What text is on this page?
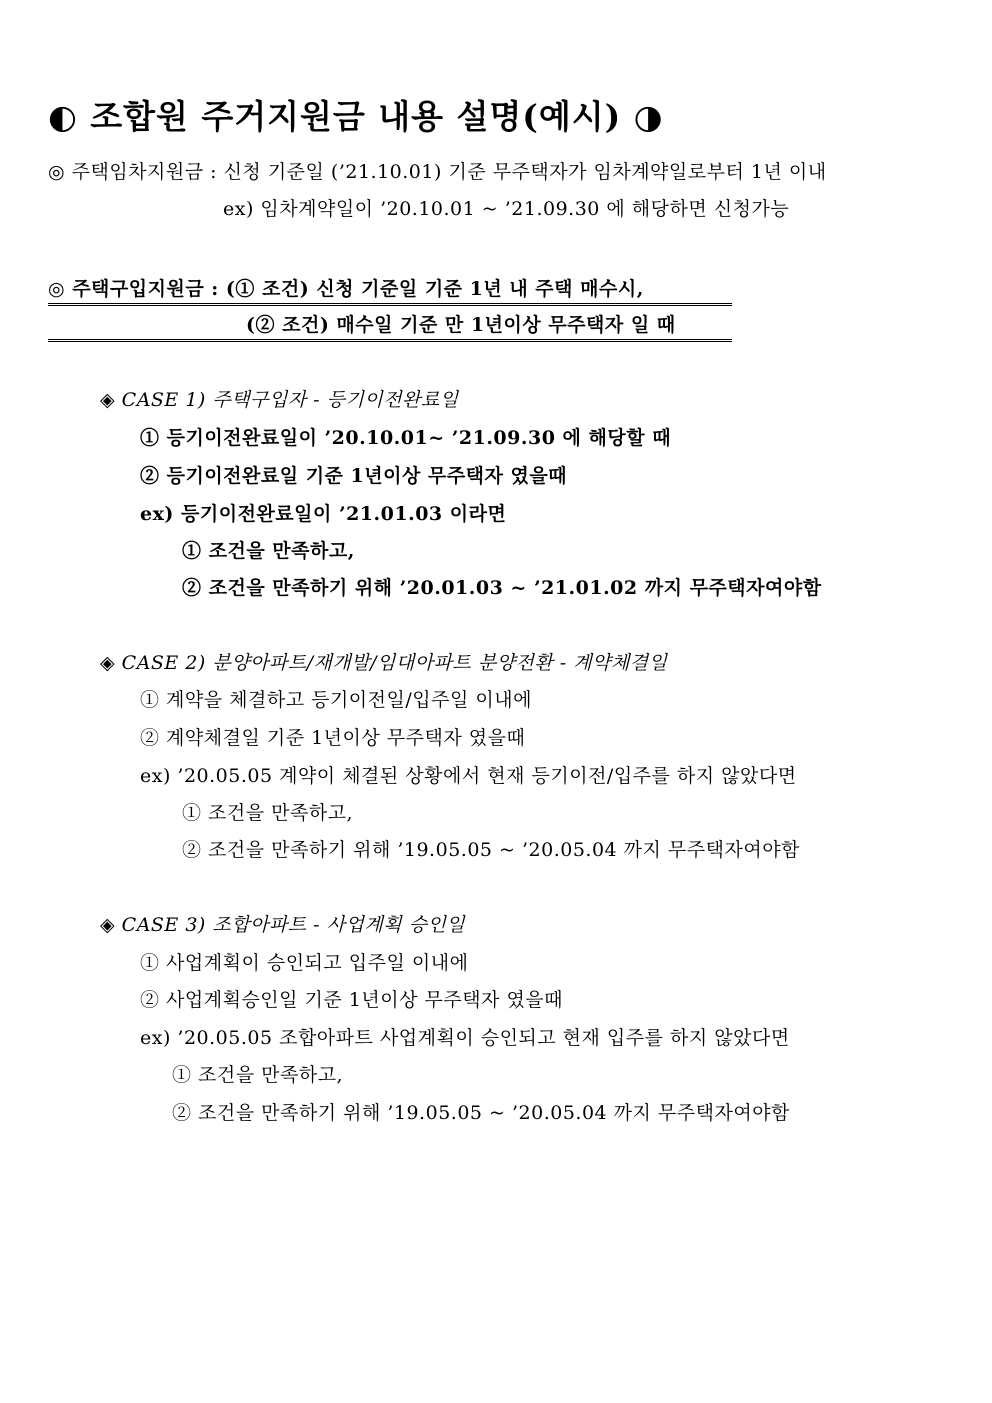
◐ 조합원 주거지원금 내용 설명(예시) ◑
◎ 주택임차지원금 : 신청 기준일 (’21.10.01) 기준 무주택자가 임차계약일로부터 1년 이내
ex) 임차계약일이 ’20.10.01 ~ ’21.09.30 에 해당하면 신청가능
◎ 주택구입지원금 : (① 조건) 신청 기준일 기준 1년 내 주택 매수시,
(② 조건) 매수일 기준 만 1년이상 무주택자 일 때
◈ CASE 1) 주택구입자 - 등기이전완료일
① 등기이전완료일이 ’20.10.01~ ’21.09.30 에 해당할 때
② 등기이전완료일 기준 1년이상 무주택자 였을때
ex) 등기이전완료일이 ’21.01.03 이라면
① 조건을 만족하고,
② 조건을 만족하기 위해 ’20.01.03 ~ ’21.01.02 까지 무주택자여야함
◈ CASE 2) 분양아파트/재개발/임대아파트 분양전환 - 계약체결일
① 계약을 체결하고 등기이전일/입주일 이내에
② 계약체결일 기준 1년이상 무주택자 였을때
ex) ’20.05.05 계약이 체결된 상황에서 현재 등기이전/입주를 하지 않았다면
① 조건을 만족하고,
② 조건을 만족하기 위해 ’19.05.05 ~ ’20.05.04 까지 무주택자여야함
◈ CASE 3) 조합아파트 - 사업계획 승인일
① 사업계획이 승인되고 입주일 이내에
② 사업계획승인일 기준 1년이상 무주택자 였을때
ex) ’20.05.05 조합아파트 사업계획이 승인되고 현재 입주를 하지 않았다면
① 조건을 만족하고,
② 조건을 만족하기 위해 ’19.05.05 ~ ’20.05.04 까지 무주택자여야함
